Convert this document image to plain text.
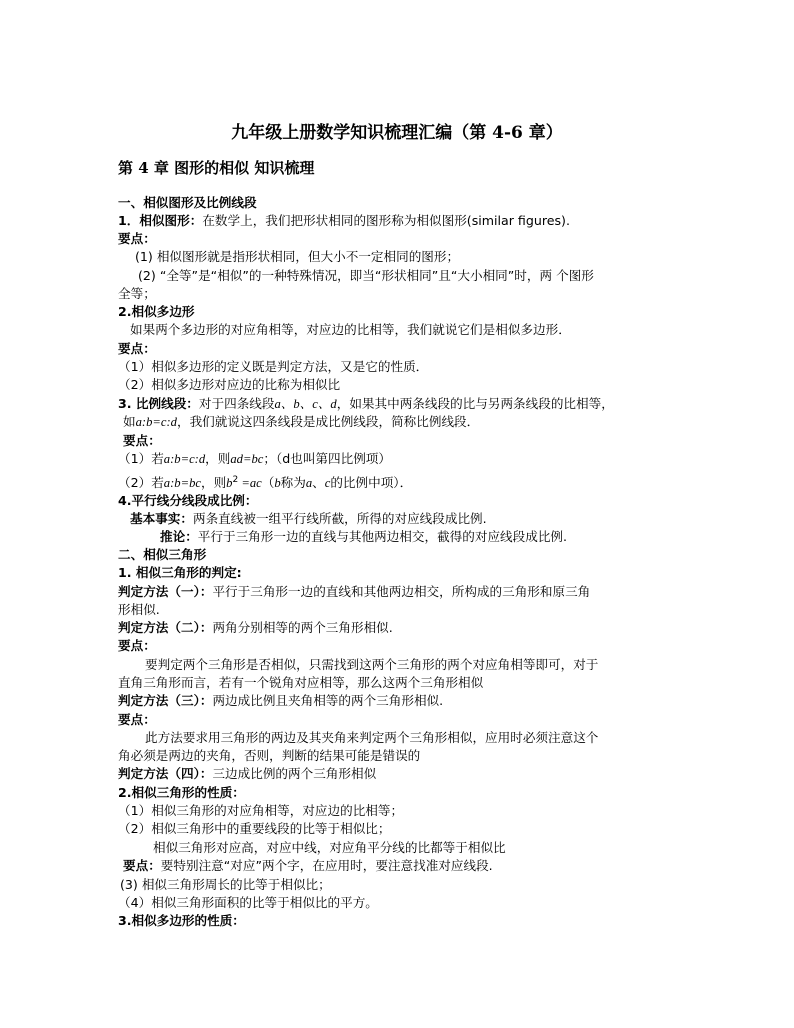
九年级上册数学知识梳理汇编（第 4-6 章）
第 4 章 图形的相似 知识梳理
一、相似图形及比例线段
1．相似图形：在数学上，我们把形状相同的图形称为相似图形(similar figures).
要点：
(1) 相似图形就是指形状相同，但大小不一定相同的图形；
(2) “全等”是“相似”的一种特殊情况，即当“形状相同”且“大小相同”时，两 个图形
全等；
2.相似多边形
如果两个多边形的对应角相等，对应边的比相等，我们就说它们是相似多边形．
要点：
（1）相似多边形的定义既是判定方法，又是它的性质．
（2）相似多边形对应边的比称为相似比
3. 比例线段：对于四条线段a、b、c、d，如果其中两条线段的比与另两条线段的比相等，
如a:b=c:d，我们就说这四条线段是成比例线段，简称比例线段．
要点：
（1）若a:b=c:d，则ad=bc；（d也叫第四比例项）
（2）若a:b=bc，则$b^2 =ac(b$称为a、c的比例中项）．
4.平行线分线段成比例：
基本事实：两条直线被一组平行线所截，所得的对应线段成比例.
推论：平行于三角形一边的直线与其他两边相交，截得的对应线段成比例.
二、相似三角形
1. 相似三角形的判定:
判定方法（一）：平行于三角形一边的直线和其他两边相交，所构成的三角形和原三角
形相似.
判定方法（二）：两角分别相等的两个三角形相似.
要点：
要判定两个三角形是否相似，只需找到这两个三角形的两个对应角相等即可，对于
直角三角形而言，若有一个锐角对应相等，那么这两个三角形相似
判定方法（三）：两边成比例且夹角相等的两个三角形相似.
要点：
此方法要求用三角形的两边及其夹角来判定两个三角形相似，应用时必须注意这个
角必须是两边的夹角，否则，判断的结果可能是错误的
判定方法（四）：三边成比例的两个三角形相似
2.相似三角形的性质：
（1）相似三角形的对应角相等，对应边的比相等；
（2）相似三角形中的重要线段的比等于相似比；
相似三角形对应高，对应中线，对应角平分线的比都等于相似比
要点：要特别注意“对应”两个字，在应用时，要注意找准对应线段.
(3) 相似三角形周长的比等于相似比；
（4）相似三角形面积的比等于相似比的平方。
3.相似多边形的性质：
